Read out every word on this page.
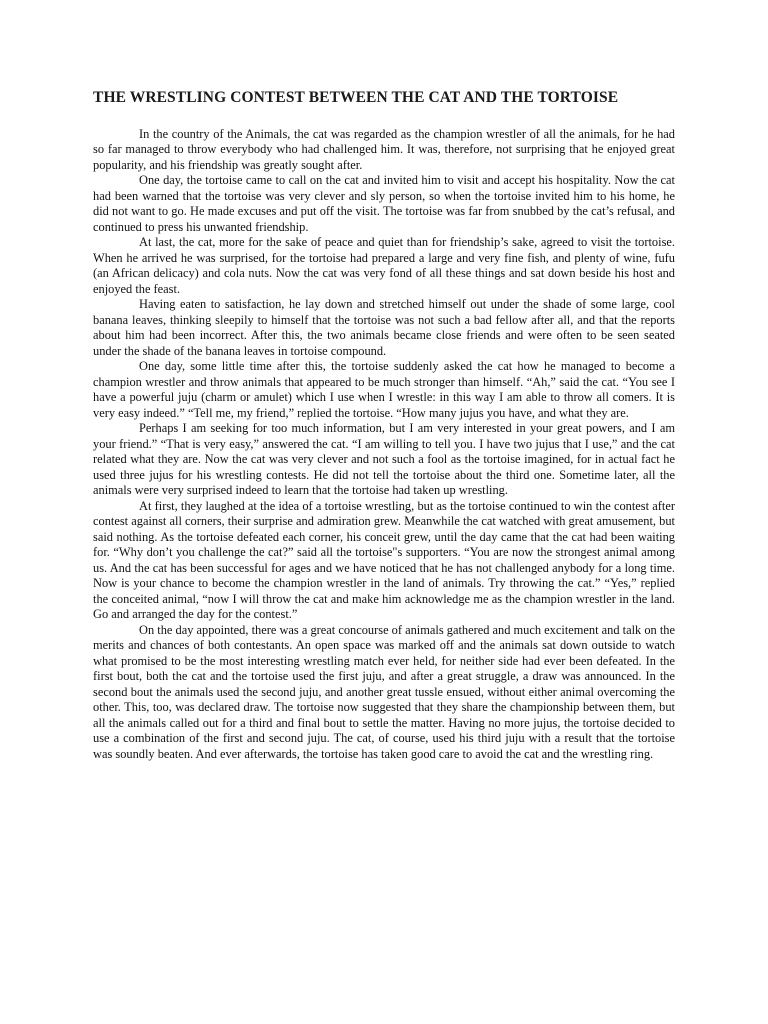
THE WRESTLING CONTEST BETWEEN THE CAT AND THE TORTOISE

In the country of the Animals, the cat was regarded as the champion wrestler of all the animals, for he had so far managed to throw everybody who had challenged him. It was, therefore, not surprising that he enjoyed great popularity, and his friendship was greatly sought after.

One day, the tortoise came to call on the cat and invited him to visit and accept his hospitality. Now the cat had been warned that the tortoise was very clever and sly person, so when the tortoise invited him to his home, he did not want to go. He made excuses and put off the visit. The tortoise was far from snubbed by the cat’s refusal, and continued to press his unwanted friendship.

At last, the cat, more for the sake of peace and quiet than for friendship’s sake, agreed to visit the tortoise. When he arrived he was surprised, for the tortoise had prepared a large and very fine fish, and plenty of wine, fufu (an African delicacy) and cola nuts. Now the cat was very fond of all these things and sat down beside his host and enjoyed the feast.

Having eaten to satisfaction, he lay down and stretched himself out under the shade of some large, cool banana leaves, thinking sleepily to himself that the tortoise was not such a bad fellow after all, and that the reports about him had been incorrect. After this, the two animals became close friends and were often to be seen seated under the shade of the banana leaves in tortoise compound.

One day, some little time after this, the tortoise suddenly asked the cat how he managed to become a champion wrestler and throw animals that appeared to be much stronger than himself. “Ah,” said the cat. “You see I have a powerful juju (charm or amulet) which I use when I wrestle: in this way I am able to throw all comers. It is very easy indeed.” “Tell me, my friend,” replied the tortoise. “How many jujus you have, and what they are.

Perhaps I am seeking for too much information, but I am very interested in your great powers, and I am your friend.” “That is very easy,” answered the cat. “I am willing to tell you. I have two jujus that I use,” and the cat related what they are. Now the cat was very clever and not such a fool as the tortoise imagined, for in actual fact he used three jujus for his wrestling contests. He did not tell the tortoise about the third one. Sometime later, all the animals were very surprised indeed to learn that the tortoise had taken up wrestling.

At first, they laughed at the idea of a tortoise wrestling, but as the tortoise continued to win the contest after contest against all corners, their surprise and admiration grew. Meanwhile the cat watched with great amusement, but said nothing. As the tortoise defeated each corner, his conceit grew, until the day came that the cat had been waiting for. “Why don’t you challenge the cat?” said all the tortoise"s supporters. “You are now the strongest animal among us. And the cat has been successful for ages and we have noticed that he has not challenged anybody for a long time. Now is your chance to become the champion wrestler in the land of animals. Try throwing the cat.” “Yes,” replied the conceited animal, “now I will throw the cat and make him acknowledge me as the champion wrestler in the land. Go and arranged the day for the contest.”

On the day appointed, there was a great concourse of animals gathered and much excitement and talk on the merits and chances of both contestants. An open space was marked off and the animals sat down outside to watch what promised to be the most interesting wrestling match ever held, for neither side had ever been defeated. In the first bout, both the cat and the tortoise used the first juju, and after a great struggle, a draw was announced. In the second bout the animals used the second juju, and another great tussle ensued, without either animal overcoming the other. This, too, was declared draw. The tortoise now suggested that they share the championship between them, but all the animals called out for a third and final bout to settle the matter. Having no more jujus, the tortoise decided to use a combination of the first and second juju. The cat, of course, used his third juju with a result that the tortoise was soundly beaten. And ever afterwards, the tortoise has taken good care to avoid the cat and the wrestling ring.
